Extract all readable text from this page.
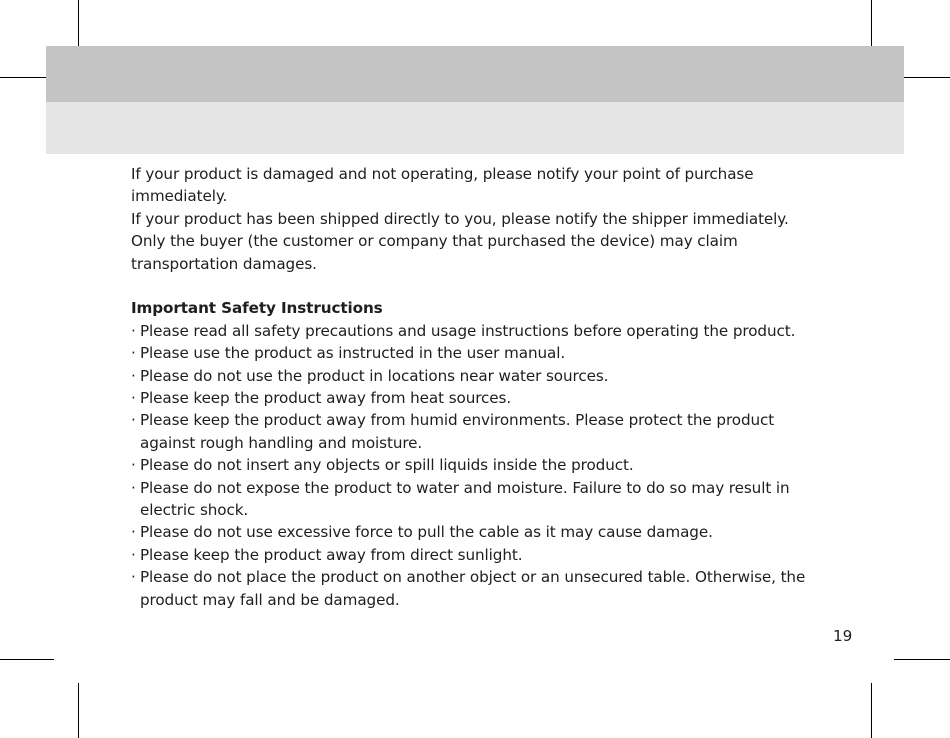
If your product is damaged and not operating, please notify your point of purchase immediately.

If your product has been shipped directly to you, please notify the shipper immediately.

Only the buyer (the customer or company that purchased the device) may claim transportation damages.

Important Safety Instructions

· Please read all safety precautions and usage instructions before operating the product.
· Please use the product as instructed in the user manual.
· Please do not use the product in locations near water sources.
· Please keep the product away from heat sources.
· Please keep the product away from humid environments. Please protect the product against rough handling and moisture.
· Please do not insert any objects or spill liquids inside the product.
· Please do not expose the product to water and moisture. Failure to do so may result in electric shock.
· Please do not use excessive force to pull the cable as it may cause damage.
· Please keep the product away from direct sunlight.
· Please do not place the product on another object or an unsecured table. Otherwise, the product may fall and be damaged.
19
